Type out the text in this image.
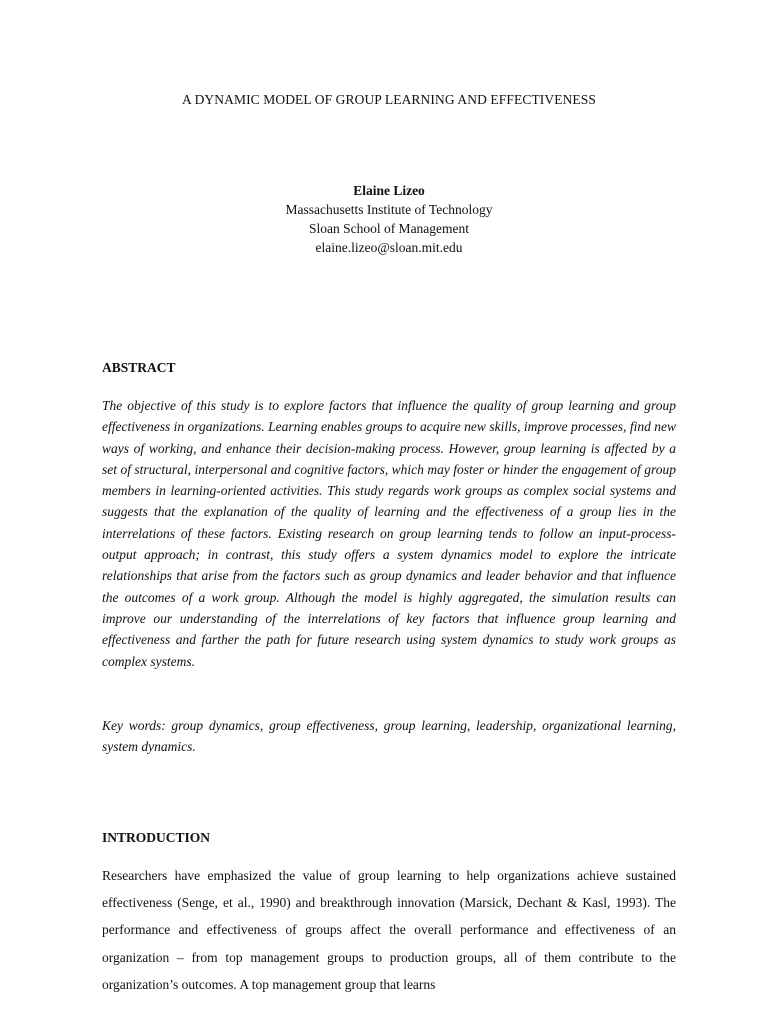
A DYNAMIC MODEL OF GROUP LEARNING AND EFFECTIVENESS
Elaine Lizeo
Massachusetts Institute of Technology
Sloan School of Management
elaine.lizeo@sloan.mit.edu
ABSTRACT
The objective of this study is to explore factors that influence the quality of group learning and group effectiveness in organizations. Learning enables groups to acquire new skills, improve processes, find new ways of working, and enhance their decision-making process. However, group learning is affected by a set of structural, interpersonal and cognitive factors, which may foster or hinder the engagement of group members in learning-oriented activities. This study regards work groups as complex social systems and suggests that the explanation of the quality of learning and the effectiveness of a group lies in the interrelations of these factors. Existing research on group learning tends to follow an input-process-output approach; in contrast, this study offers a system dynamics model to explore the intricate relationships that arise from the factors such as group dynamics and leader behavior and that influence the outcomes of a work group. Although the model is highly aggregated, the simulation results can improve our understanding of the interrelations of key factors that influence group learning and effectiveness and farther the path for future research using system dynamics to study work groups as complex systems.
Key words: group dynamics, group effectiveness, group learning, leadership, organizational learning, system dynamics.
INTRODUCTION
Researchers have emphasized the value of group learning to help organizations achieve sustained effectiveness (Senge, et al., 1990) and breakthrough innovation (Marsick, Dechant & Kasl, 1993). The performance and effectiveness of groups affect the overall performance and effectiveness of an organization – from top management groups to production groups, all of them contribute to the organization’s outcomes. A top management group that learns
